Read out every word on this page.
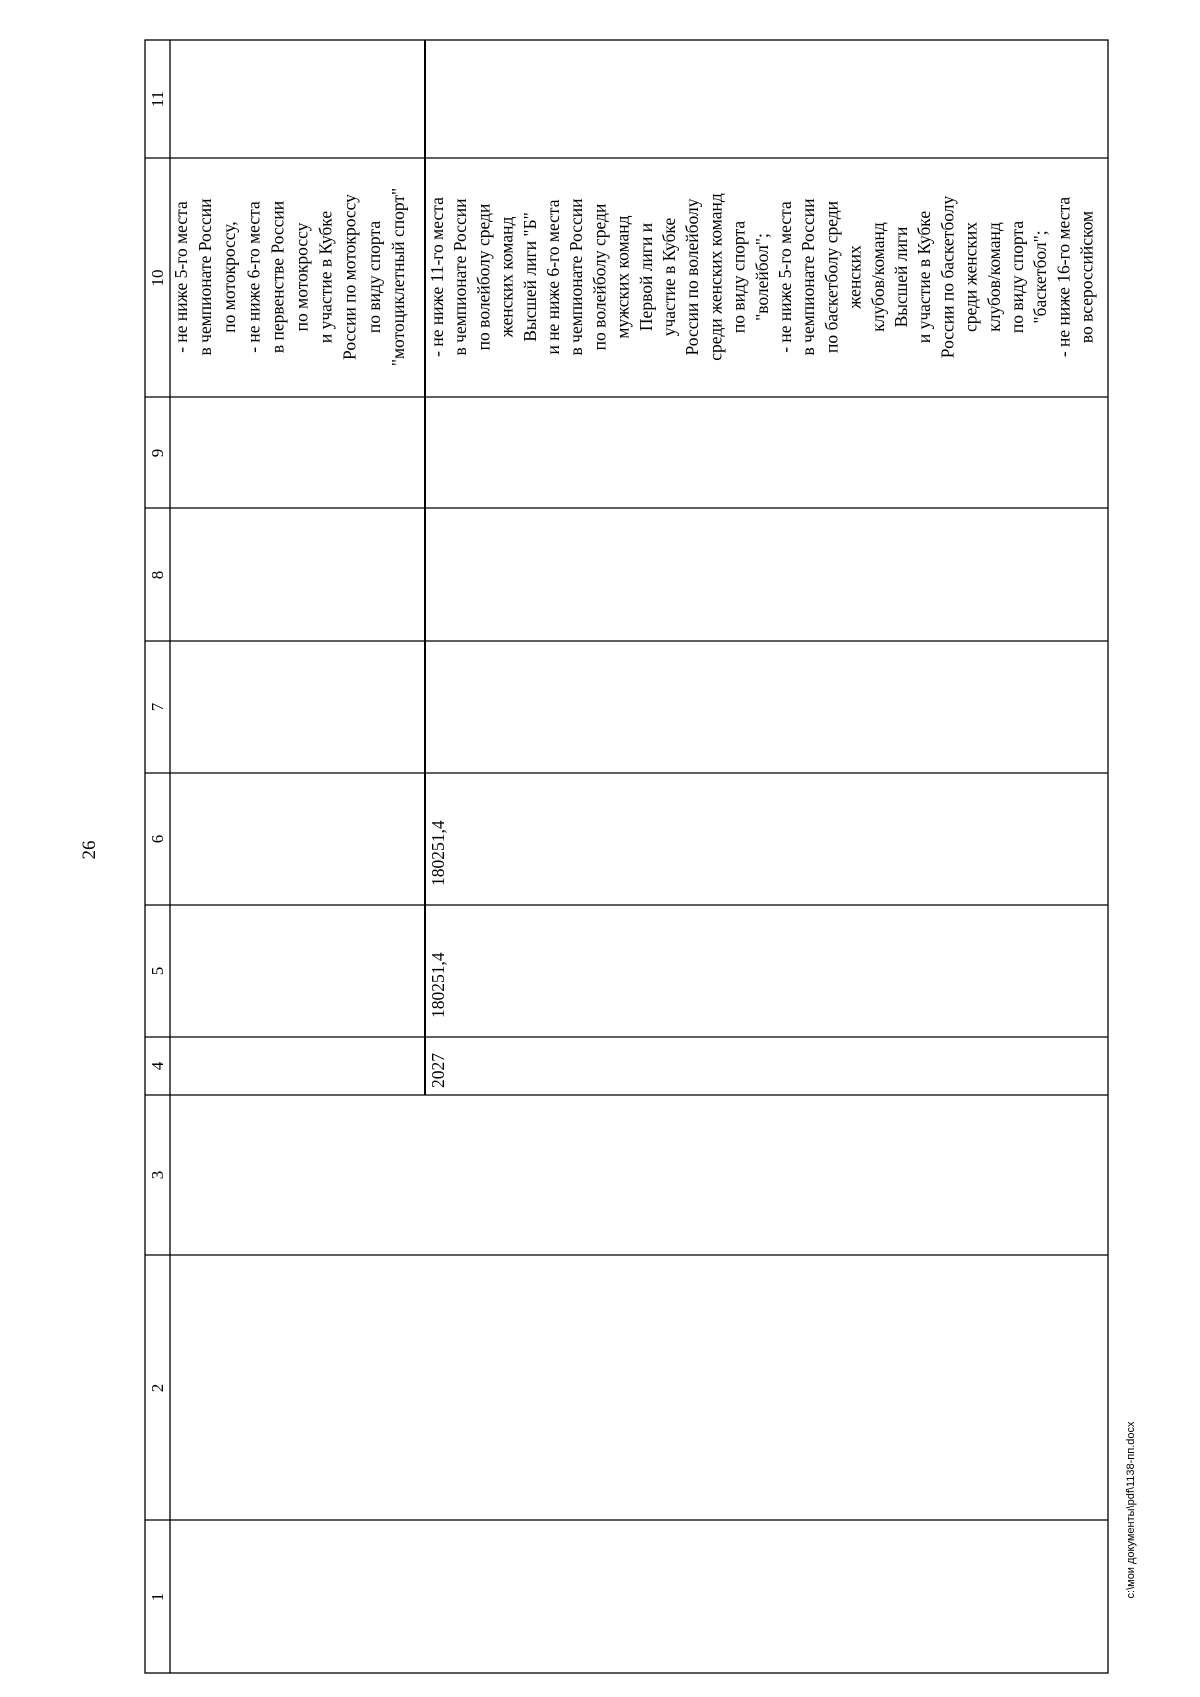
26
1
2
3
4
5
6
7
8
9
10
11
2027
180251,4
180251,4
- не ниже 5-го места в чемпионате России по мотокроссу, - не ниже 6-го места в первенстве России по мотокроссу и участие в Кубке России по мотокроссу по виду спорта "мотоциклетный спорт" - не ниже 11-го места в чемпионате России по волейболу среди женских команд Высшей лиги "Б" и не ниже 6-го места в чемпионате России по волейболу среди мужских команд Первой лиги и участие в Кубке России по волейболу среди женских команд по виду спорта "волейбол"; - не ниже 5-го места в чемпионате России по баскетболу среди женских клубов/команд Высшей лиги и участие в Кубке России по баскетболу среди женских клубов/команд по виду спорта "баскетбол"; - не ниже 16-го места во всероссийском
c:\мои документы\pdf\1138-пп.docx
